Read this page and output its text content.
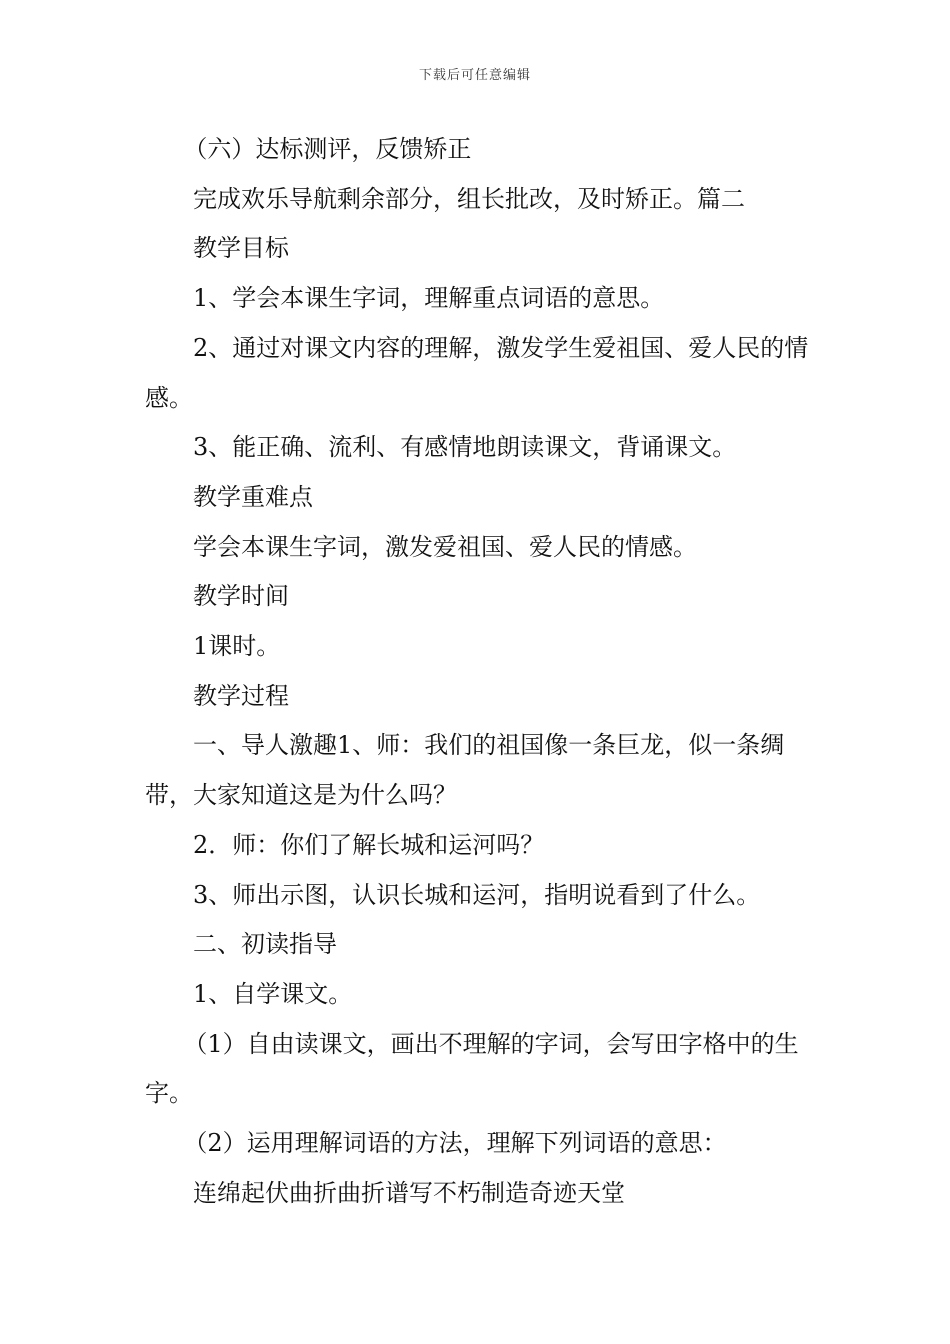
下载后可任意编辑

（六）达标测评，反馈矫正

完成欢乐导航剩余部分，组长批改，及时矫正。篇二

教学目标

1、学会本课生字词，理解重点词语的意思。

2、通过对课文内容的理解，激发学生爱祖国、爱人民的情感。

3、能正确、流利、有感情地朗读课文，背诵课文。

教学重难点

学会本课生字词，激发爱祖国、爱人民的情感。

教学时间

1课时。

教学过程

一、导人激趣1、师：我们的祖国像一条巨龙，似一条绸带，大家知道这是为什么吗？

2．师：你们了解长城和运河吗？

3、师出示图，认识长城和运河，指明说看到了什么。

二、初读指导

1、自学课文。

（1）自由读课文，画出不理解的字词，会写田字格中的生字。

（2）运用理解词语的方法，理解下列词语的意思：

连绵起伏曲折曲折谱写不朽制造奇迹天堂
